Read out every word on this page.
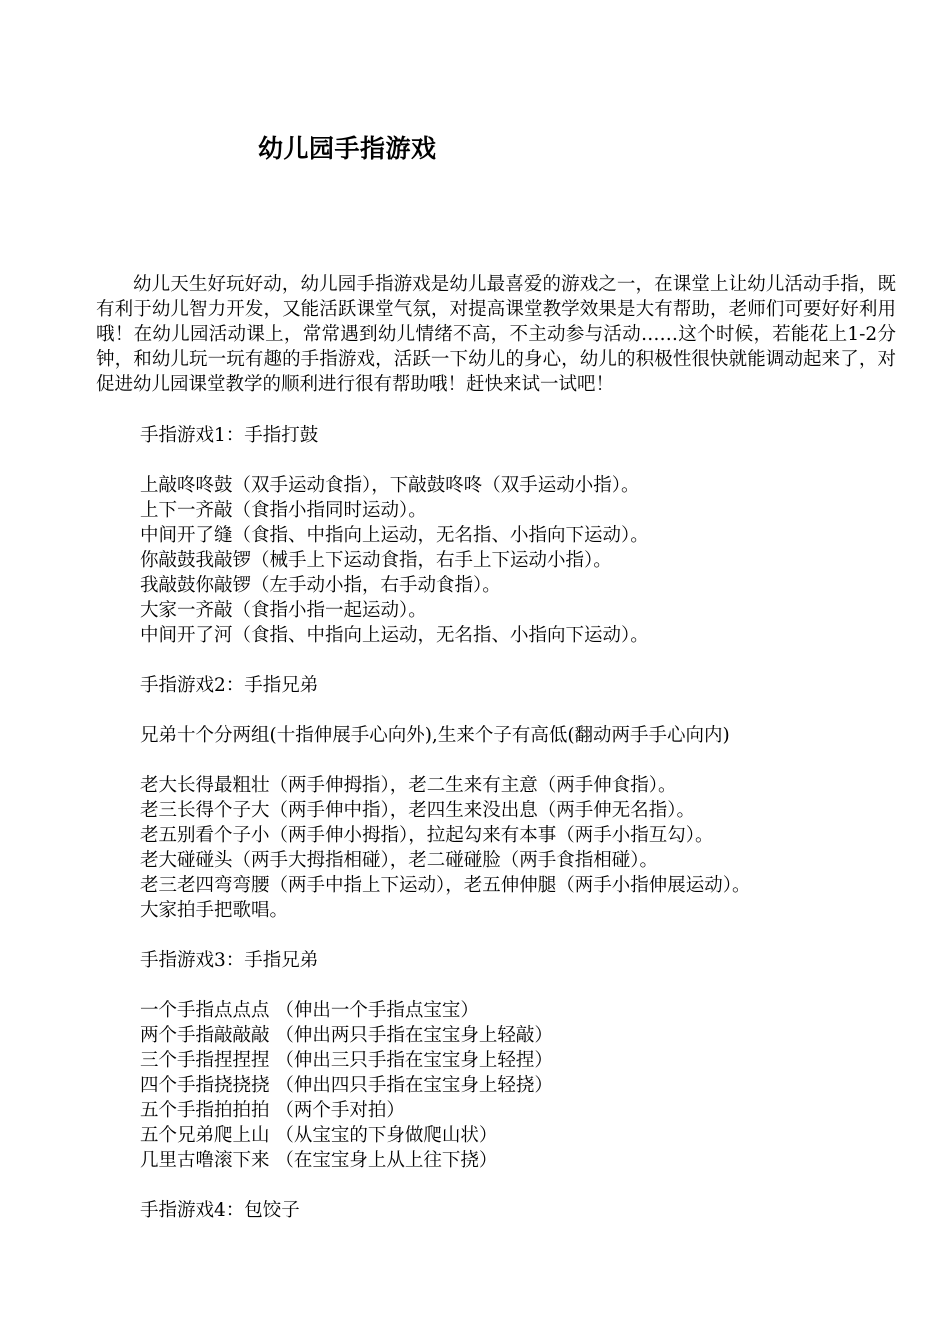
幼儿园手指游戏

幼儿天生好玩好动，幼儿园手指游戏是幼儿最喜爱的游戏之一，在课堂上让幼儿活动手指，既有利于幼儿智力开发，又能活跃课堂气氛，对提高课堂教学效果是大有帮助，老师们可要好好利用哦！在幼儿园活动课上，常常遇到幼儿情绪不高，不主动参与活动……这个时候，若能花上1-2分钟，和幼儿玩一玩有趣的手指游戏，活跃一下幼儿的身心，幼儿的积极性很快就能调动起来了，对促进幼儿园课堂教学的顺利进行很有帮助哦！赶快来试一试吧！

手指游戏1：手指打鼓
上敲咚咚鼓（双手运动食指），下敲鼓咚咚（双手运动小指）。
上下一齐敲（食指小指同时运动）。
中间开了缝（食指、中指向上运动，无名指、小指向下运动）。
你敲鼓我敲锣（械手上下运动食指，右手上下运动小指）。
我敲鼓你敲锣（左手动小指，右手动食指）。
大家一齐敲（食指小指一起运动）。
中间开了河（食指、中指向上运动，无名指、小指向下运动）。
手指游戏2：手指兄弟
兄弟十个分两组(十指伸展手心向外),生来个子有高低(翻动两手手心向内)
老大长得最粗壮（两手伸拇指），老二生来有主意（两手伸食指）。
老三长得个子大（两手伸中指），老四生来没出息（两手伸无名指）。
老五别看个子小（两手伸小拇指），拉起勾来有本事（两手小指互勾）。
老大碰碰头（两手大拇指相碰），老二碰碰脸（两手食指相碰）。
老三老四弯弯腰（两手中指上下运动），老五伸伸腿（两手小指伸展运动）。
大家拍手把歌唱。
手指游戏3：手指兄弟
一个手指点点点 （伸出一个手指点宝宝）
两个手指敲敲敲 （伸出两只手指在宝宝身上轻敲）
三个手指捏捏捏 （伸出三只手指在宝宝身上轻捏）
四个手指挠挠挠 （伸出四只手指在宝宝身上轻挠）
五个手指拍拍拍 （两个手对拍）
五个兄弟爬上山 （从宝宝的下身做爬山状）
几里古噜滚下来 （在宝宝身上从上往下挠）
手指游戏4：包饺子
